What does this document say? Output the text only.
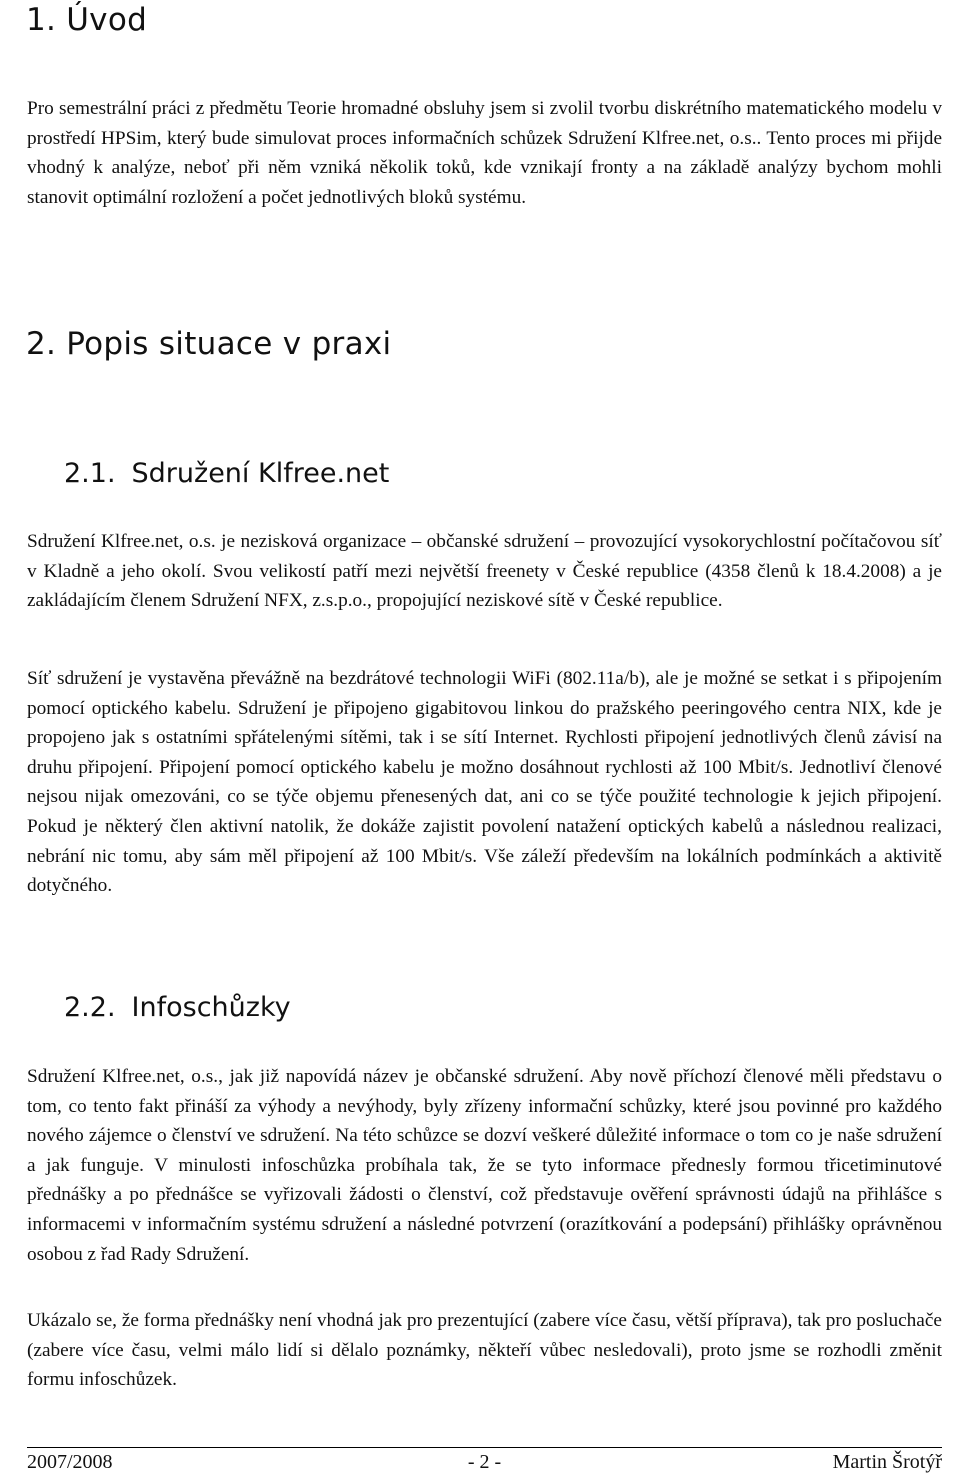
1. Úvod

Pro semestrální práci z předmětu Teorie hromadné obsluhy jsem si zvolil tvorbu diskrétního matematického modelu v prostředí HPSim, který bude simulovat proces informačních schůzek Sdružení Klfree.net, o.s.. Tento proces mi přijde vhodný k analýze, neboť při něm vzniká několik toků, kde vznikají fronty a na základě analýzy bychom mohli stanovit optimální rozložení a počet jednotlivých bloků systému.

2. Popis situace v praxi
2.1. Sdružení Klfree.net

Sdružení Klfree.net, o.s. je nezisková organizace – občanské sdružení – provozující vysokorychlostní počítačovou síť v Kladně a jeho okolí. Svou velikostí patří mezi největší freenety v České republice (4358 členů k 18.4.2008) a je zakládajícím členem Sdružení NFX, z.s.p.o., propojující neziskové sítě v České republice.

Síť sdružení je vystavěna převážně na bezdrátové technologii WiFi (802.11a/b), ale je možné se setkat i s připojením pomocí optického kabelu. Sdružení je připojeno gigabitovou linkou do pražského peeringového centra NIX, kde je propojeno jak s ostatními spřátelenými sítěmi, tak i se sítí Internet. Rychlosti připojení jednotlivých členů závisí na druhu připojení. Připojení pomocí optického kabelu je možno dosáhnout rychlosti až 100 Mbit/s. Jednotliví členové nejsou nijak omezováni, co se týče objemu přenesených dat, ani co se týče použité technologie k jejich připojení. Pokud je některý člen aktivní natolik, že dokáže zajistit povolení natažení optických kabelů a následnou realizaci, nebrání nic tomu, aby sám měl připojení až 100 Mbit/s. Vše záleží především na lokálních podmínkách a aktivitě dotyčného.

2.2. Infoschůzky

Sdružení Klfree.net, o.s., jak již napovídá název je občanské sdružení. Aby nově příchozí členové měli představu o tom, co tento fakt přináší za výhody a nevýhody, byly zřízeny informační schůzky, které jsou povinné pro každého nového zájemce o členství ve sdružení. Na této schůzce se dozví veškeré důležité informace o tom co je naše sdružení a jak funguje. V minulosti infoschůzka probíhala tak, že se tyto informace přednesly formou třicetiminutové přednášky a po přednášce se vyřizovali žádosti o členství, což představuje ověření správnosti údajů na přihlášce s informacemi v informačním systému sdružení a následné potvrzení (orazítkování a podepsání) přihlášky oprávněnou osobou z řad Rady Sdružení.

Ukázalo se, že forma přednášky není vhodná jak pro prezentující (zabere více času, větší příprava), tak pro posluchače (zabere více času, velmi málo lidí si dělalo poznámky, někteří vůbec nesledovali), proto jsme se rozhodli změnit formu infoschůzek.

2007/2008	- 2 -	Martin Šrotýř
